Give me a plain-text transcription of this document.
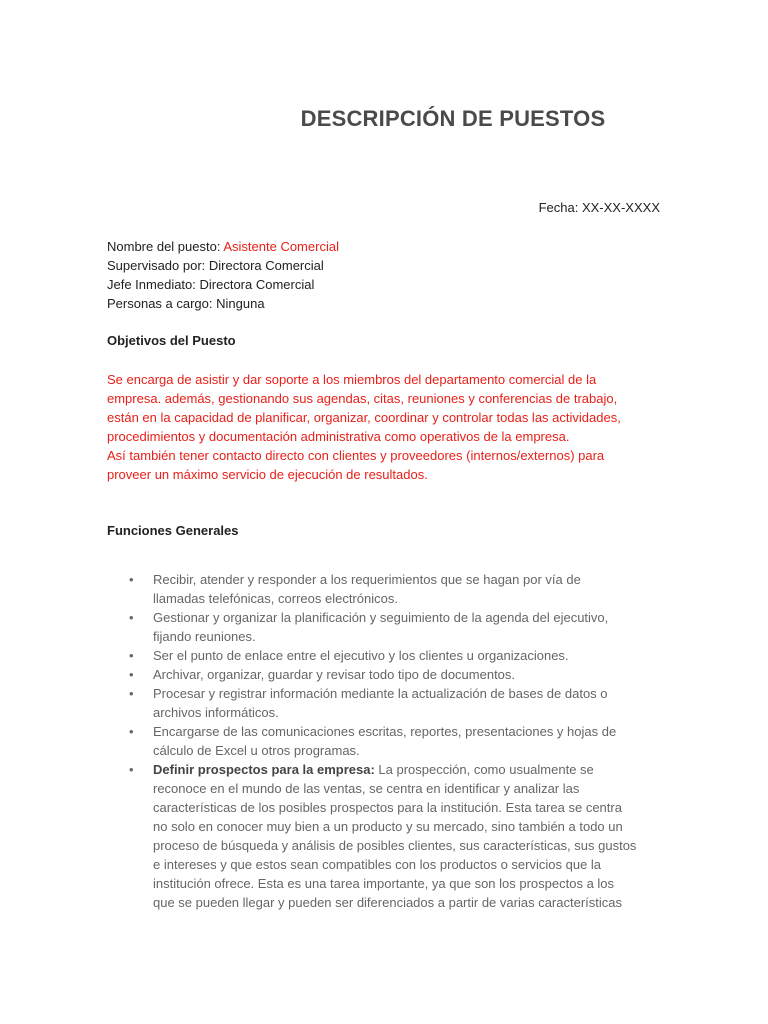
DESCRIPCIÓN DE PUESTOS
Fecha: XX-XX-XXXX
Nombre del puesto: Asistente Comercial
Supervisado por: Directora Comercial
Jefe Inmediato: Directora Comercial
Personas a cargo: Ninguna
Objetivos del Puesto
Se encarga de asistir y dar soporte a los miembros del departamento comercial de la
empresa. además, gestionando sus agendas, citas, reuniones y conferencias de trabajo,
están en la capacidad de planificar, organizar, coordinar y controlar todas las actividades,
procedimientos y documentación administrativa como operativos de la empresa.
Así también tener contacto directo con clientes y proveedores (internos/externos) para
proveer un máximo servicio de ejecución de resultados.
Funciones Generales
• Recibir, atender y responder a los requerimientos que se hagan por vía de
llamadas telefónicas, correos electrónicos.
• Gestionar y organizar la planificación y seguimiento de la agenda del ejecutivo,
fijando reuniones.
• Ser el punto de enlace entre el ejecutivo y los clientes u organizaciones.
• Archivar, organizar, guardar y revisar todo tipo de documentos.
• Procesar y registrar información mediante la actualización de bases de datos o
archivos informáticos.
• Encargarse de las comunicaciones escritas, reportes, presentaciones y hojas de
cálculo de Excel u otros programas.
• Definir prospectos para la empresa: La prospección, como usualmente se
reconoce en el mundo de las ventas, se centra en identificar y analizar las
características de los posibles prospectos para la institución. Esta tarea se centra
no solo en conocer muy bien a un producto y su mercado, sino también a todo un
proceso de búsqueda y análisis de posibles clientes, sus características, sus gustos
e intereses y que estos sean compatibles con los productos o servicios que la
institución ofrece. Esta es una tarea importante, ya que son los prospectos a los
que se pueden llegar y pueden ser diferenciados a partir de varias características
